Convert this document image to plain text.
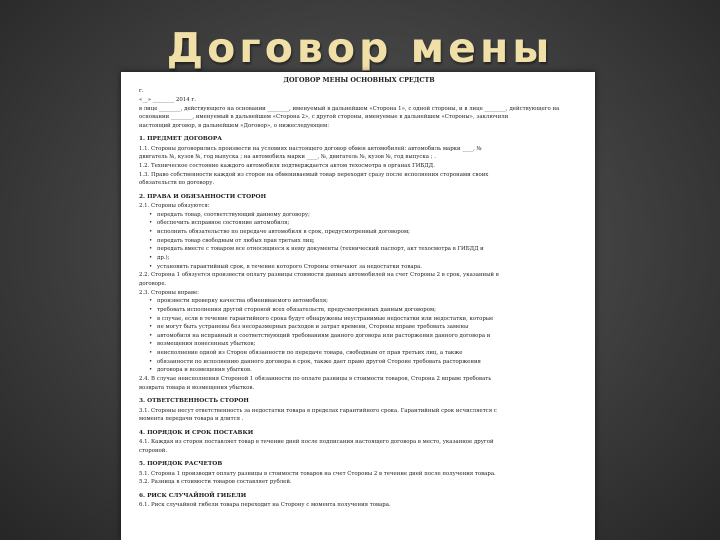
Договор мены
ДОГОВОР МЕНЫ ОСНОВНЫХ СРЕДСТВ

г.

«__» ________ 2014 г.

в лице ________, действующего на основании ________, именуемый в дальнейшем «Сторона 1», с одной стороны, и в лице ________, действующего на

основании ________, именуемый в дальнейшем «Сторона 2», с другой стороны, именуемые в дальнейшем «Стороны», заключили

настоящий договор, в дальнейшем «Договор», о нижеследующем:

1. ПРЕДМЕТ ДОГОВОРА

1.1. Стороны договорились произвести на условиях настоящего договор обмен автомобилей: автомобиль марки ____, №

двигатель №, кузов №, год выпуска ; на автомобиль марки ____, №, двигатель №, кузов №, год выпуска ; .

1.2. Техническое состояние каждого автомобиля подтверждается актом техосмотра в органах ГИБДД.

1.3. Право собственности каждой из сторон на обмениваемый товар переходит сразу после исполнения сторонами своих

обязательств по договору.

2. ПРАВА И ОБЯЗАННОСТИ СТОРОН

2.1. Стороны обязуются:

• передать товар, соответствующий данному договору;
• обеспечить исправное состояние автомобиля;
• исполнить обязательство по передаче автомобиля в срок, предусмотренный договором;
• передать товар свободным от любых прав третьих лиц;
• передать вместе с товаром все относящиеся к нему документы (технический паспорт, акт техосмотра в ГИБДД и
• др.);
• установить гарантийный срок, в течение которого Стороны отвечают за недостатки товара.

2.2. Сторона 1 обязуется произвести оплату разницы стоимости данных автомобилей на счет Стороны 2 в срок, указанный в

договоре.

2.3. Стороны вправе:

• произвести проверку качества обмениваемого автомобиля;
• требовать исполнения другой стороной всех обязательств, предусмотренных данным договором;
• в случае, если в течение гарантийного срока будут обнаружены неустранимые недостатки или недостатки, которые
• не могут быть устранены без несоразмерных расходов и затрат времени, Стороны вправе требовать замены
• автомобиля на исправный и соответствующий требованиям данного договора или расторжения данного договора и
• возмещения понесенных убытков;
• неисполнение одной из Сторон обязанности по передаче товара, свободным от прав третьих лиц, а также
• обязанности по исполнению данного договора в срок, также дает право другой Стороне требовать расторжения
• договора и возмещения убытков.

2.4. В случае неисполнения Стороной 1 обязанности по оплате разницы в стоимости товаров, Сторона 2 вправе требовать

возврата товара и возмещения убытков.

3. ОТВЕТСТВЕННОСТЬ СТОРОН

3.1. Стороны несут ответственность за недостатки товара в пределах гарантийного срока. Гарантийный срок исчисляется с

момента передачи товара и длится .

4. ПОРЯДОК И СРОК ПОСТАВКИ

4.1. Каждая из сторон поставляет товар в течение дней после подписания настоящего договора в место, указанное другой

стороной.

5. ПОРЯДОК РАСЧЕТОВ

5.1. Сторона 1 производит оплату разницы в стоимости товаров на счет Стороны 2 в течение дней после получения товара.

5.2. Разница в стоимости товаров составляет рублей.

6. РИСК СЛУЧАЙНОЙ ГИБЕЛИ

6.1. Риск случайной гибели товара переходит на Сторону с момента получения товара.
